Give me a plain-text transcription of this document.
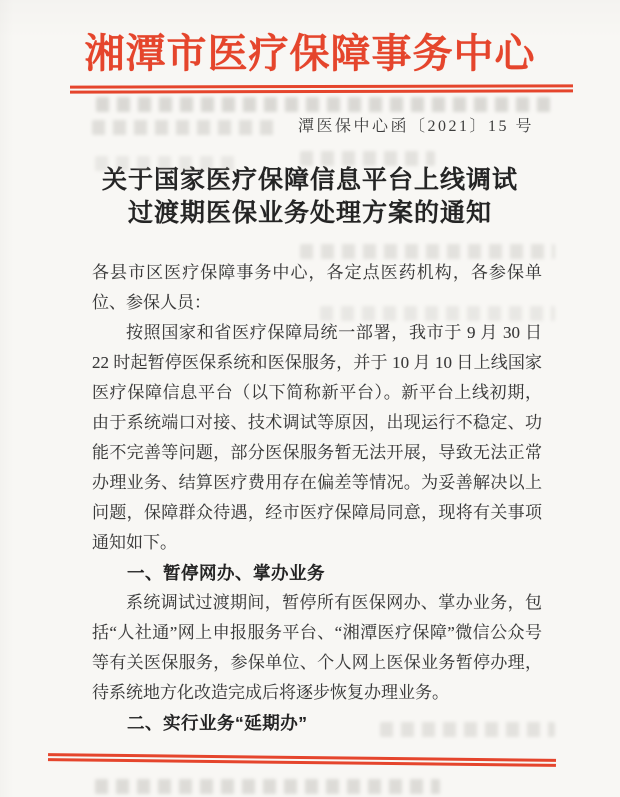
湘潭市医疗保障事务中心
潭医保中心函〔2021〕15 号
关于国家医疗保障信息平台上线调试
过渡期医保业务处理方案的通知

各县市区医疗保障事务中心，各定点医药机构，各参保单位、参保人员：

按照国家和省医疗保障局统一部署，我市于 9 月 30 日 22 时起暂停医保系统和医保服务，并于 10 月 10 日上线国家医疗保障信息平台（以下简称新平台）。新平台上线初期，由于系统端口对接、技术调试等原因，出现运行不稳定、功能不完善等问题，部分医保服务暂无法开展，导致无法正常办理业务、结算医疗费用存在偏差等情况。为妥善解决以上问题，保障群众待遇，经市医疗保障局同意，现将有关事项通知如下。

一、暂停网办、掌办业务

系统调试过渡期间，暂停所有医保网办、掌办业务，包括“人社通”网上申报服务平台、“湘潭医疗保障”微信公众号等有关医保服务，参保单位、个人网上医保业务暂停办理，待系统地方化改造完成后将逐步恢复办理业务。

二、实行业务“延期办”
